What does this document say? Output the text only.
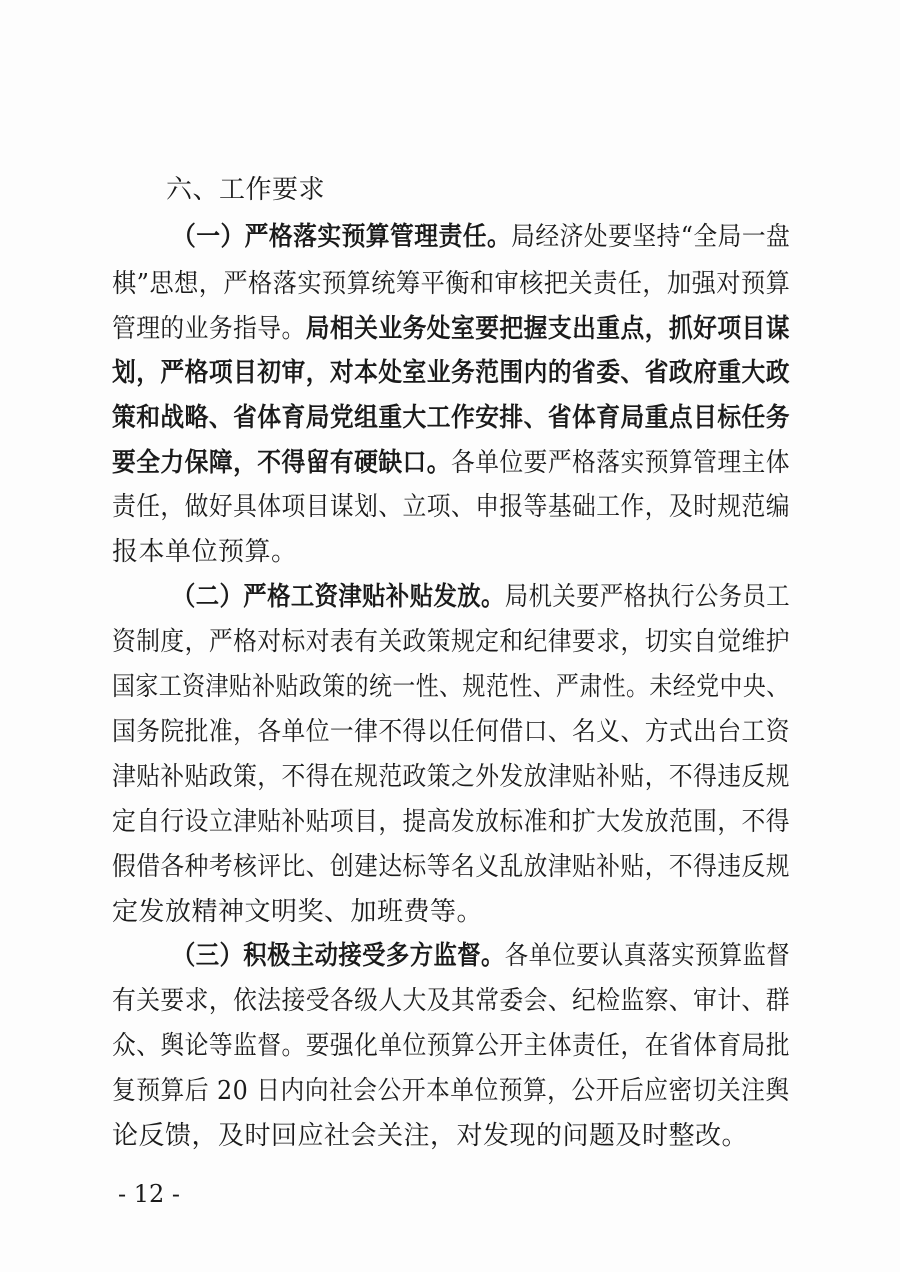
六、工作要求
（一）严格落实预算管理责任。局经济处要坚持“全局一盘
棋”思想，严格落实预算统筹平衡和审核把关责任，加强对预算
管理的业务指导。局相关业务处室要把握支出重点，抓好项目谋
划，严格项目初审，对本处室业务范围内的省委、省政府重大政
策和战略、省体育局党组重大工作安排、省体育局重点目标任务
要全力保障，不得留有硬缺口。各单位要严格落实预算管理主体
责任，做好具体项目谋划、立项、申报等基础工作，及时规范编
报本单位预算。
（二）严格工资津贴补贴发放。局机关要严格执行公务员工
资制度，严格对标对表有关政策规定和纪律要求，切实自觉维护
国家工资津贴补贴政策的统一性、规范性、严肃性。未经党中央、
国务院批准，各单位一律不得以任何借口、名义、方式出台工资
津贴补贴政策，不得在规范政策之外发放津贴补贴，不得违反规
定自行设立津贴补贴项目，提高发放标准和扩大发放范围，不得
假借各种考核评比、创建达标等名义乱放津贴补贴，不得违反规
定发放精神文明奖、加班费等。
（三）积极主动接受多方监督。各单位要认真落实预算监督
有关要求，依法接受各级人大及其常委会、纪检监察、审计、群
众、舆论等监督。要强化单位预算公开主体责任，在省体育局批
复预算后 20 日内向社会公开本单位预算，公开后应密切关注舆
论反馈，及时回应社会关注，对发现的问题及时整改。
- 12 -
